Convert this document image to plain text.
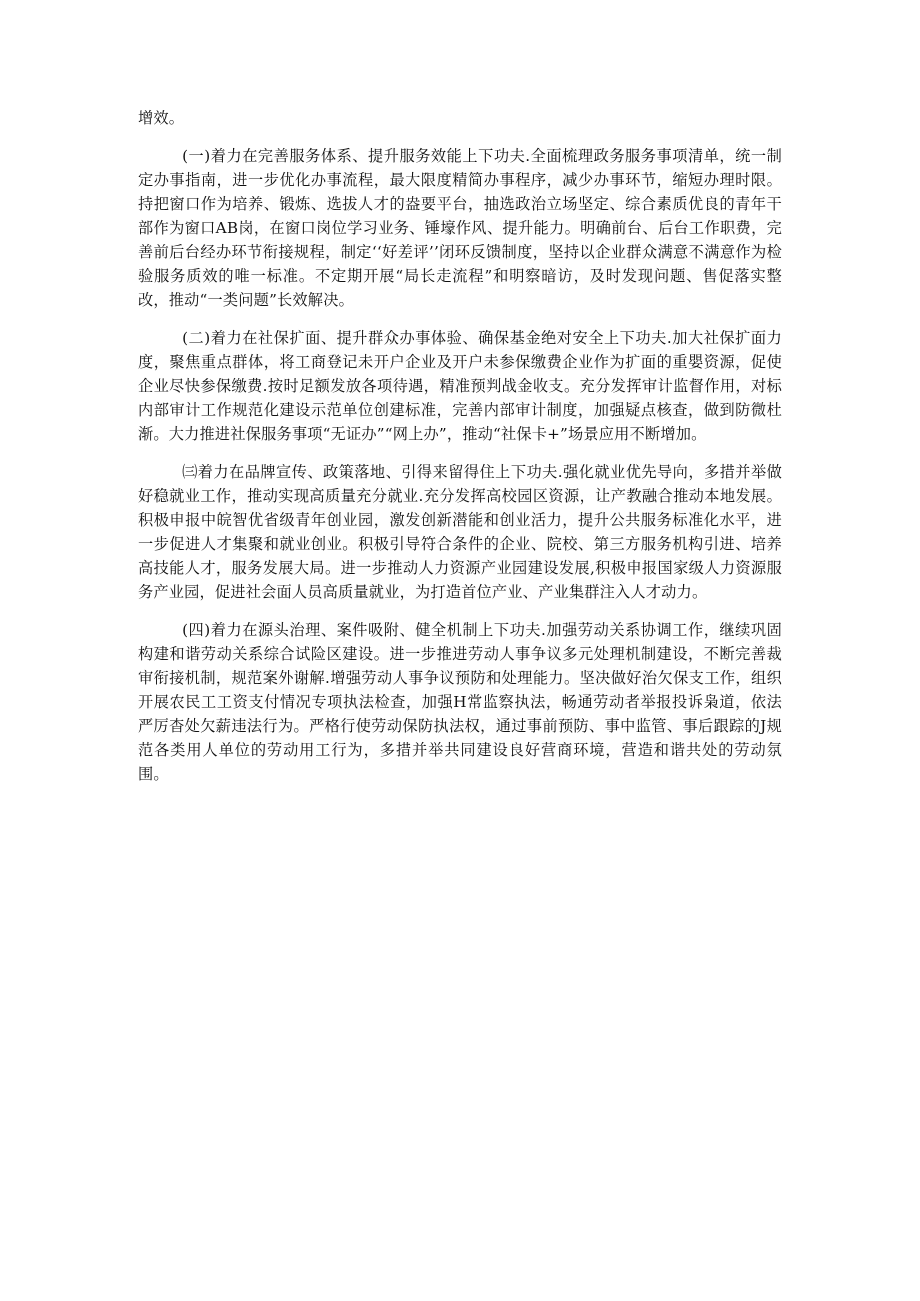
增效。

(一)着力在完善服务体系、提升服务效能上下功夫.全面梳理政务服务事项清单，统一制定办事指南，进一步优化办事流程，最大限度精简办事程序，减少办事环节，缩短办理时限。持把窗口作为培养、锻炼、选拔人才的盎要平台，抽选政治立场坚定、综合素质优良的青年干部作为窗口AB岗，在窗口岗位学习业务、锤壕作风、提升能力。明确前台、后台工作职费，完善前后台经办环节衔接规程，制定‘‘好差评’’闭环反馈制度，坚持以企业群众满意不满意作为检验服务质效的唯一标准。不定期开展“局长走流程”和明察暗访，及时发现问题、售促落实整改，推动“一类问题”长效解决。

(二)着力在社保扩面、提升群众办事体验、确保基金绝对安全上下功夫.加大社保扩面力度，聚焦重点群体，将工商登记未开户企业及开户未参保缴费企业作为扩面的重嬰资源，促使企业尽快参保缴费.按时足额发放各项待遇，精准预判战金收支。充分发挥审计监督作用，对标内部审计工作规范化建设示范单位创建标准，完善内部审计制度，加强疑点核查，做到防微杜渐。大力推进社保服务事项“无证办”“网上办”，推动“社保卡+”场景应用不断增加。

㈢着力在品牌宣传、政策落地、引得来留得住上下功夫.强化就业优先导向，多措并举做好稳就业工作，推动实现高质量充分就业.充分发挥高校园区资源，让产教融合推动本地发展。积极申报中皖智优省级青年创业园，激发创新潜能和创业活力，提升公共服务标准化水平，进一步促进人才集聚和就业创业。积极引导符合条件的企业、院校、第三方服务机构引进、培养高技能人才，服务发展大局。进一步推动人力资源产业园建设发展,积极申报国家级人力资源服务产业园，促进社会面人员高质量就业，为打造首位产业、产业集群注入人才动力。

(四)着力在源头治理、案件吸附、健全机制上下功夫.加强劳动关系协调工作，继续巩固构建和谐劳动关系综合试险区建设。进一步推进劳动人事争议多元处理机制建设，不断完善裁审衔接机制，规范案外谢解.增强劳动人事争议预防和处理能力。坚决做好治欠保支工作，组织开展农民工工资支付情况专项执法检查，加强H常监察执法，畅通劳动者举报投诉枭道，依法严厉杳处欠薪违法行为。严格行使劳动保防执法权，通过事前预防、事中监管、事后跟踪的J规范各类用人单位的劳动用工行为，多措并举共同建设良好营商环境，营造和谐共处的劳动氛围。
